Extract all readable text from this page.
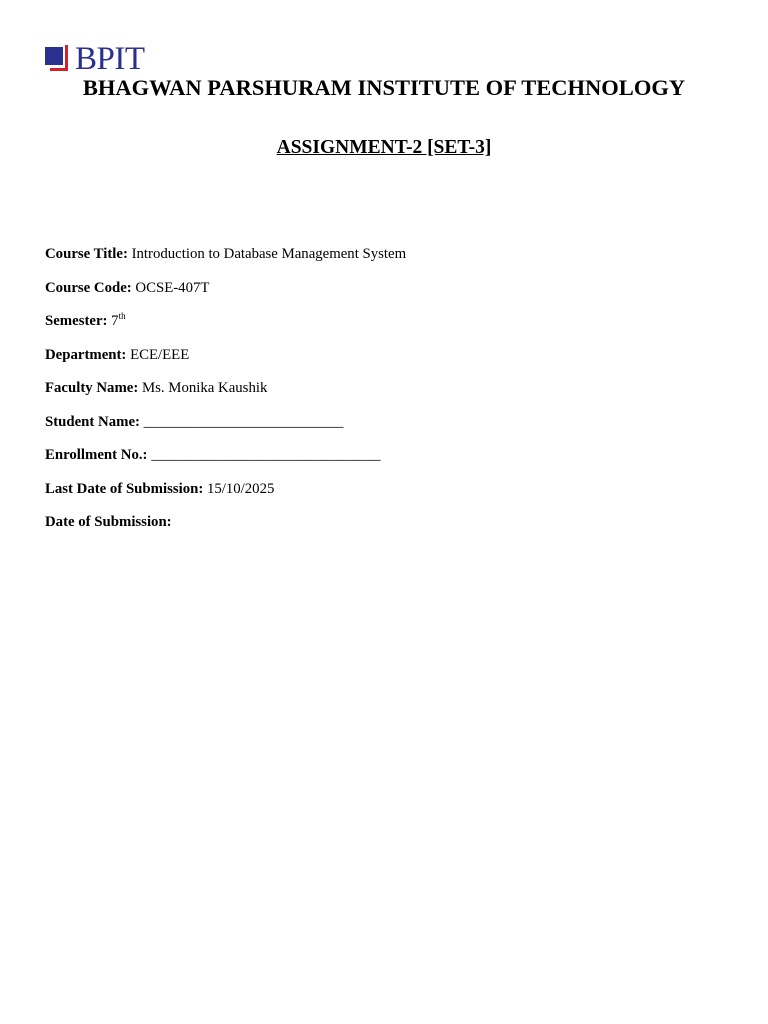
BPIT
BHAGWAN PARSHURAM INSTITUTE OF TECHNOLOGY
ASSIGNMENT-2 [SET-3]
Course Title: Introduction to Database Management System
Course Code: OCSE-407T
Semester: 7th
Department: ECE/EEE
Faculty Name: Ms. Monika Kaushik
Student Name: ___________________________
Enrollment No.: _______________________________
Last Date of Submission: 15/10/2025
Date of Submission:
